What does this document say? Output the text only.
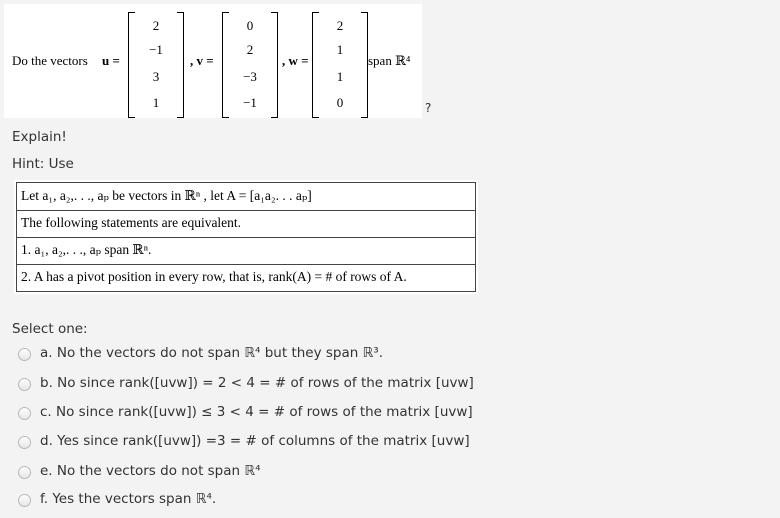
Do the vectors u =
2
−1
3
1
, v =
0
2
−3
−1
, w =
2
1
1
0
span ℝ⁴
?
Explain!
Hint: Use
Let a₁, a₂,. . ., aₚ be vectors in ℝⁿ , let A = [a₁a₂. . . aₚ]
The following statements are equivalent.
1. a₁, a₂,. . ., aₚ span ℝⁿ.
2. A has a pivot position in every row, that is, rank(A) = # of rows of A.
Select one:
a. No the vectors do not span ℝ⁴ but they span ℝ³.
b. No since rank([uvw]) = 2 < 4 = # of rows of the matrix [uvw]
c. No since rank([uvw]) ≤ 3 < 4 = # of rows of the matrix [uvw]
d. Yes since rank([uvw]) =3 = # of columns of the matrix [uvw]
e. No the vectors do not span ℝ⁴
f. Yes the vectors span ℝ⁴.
